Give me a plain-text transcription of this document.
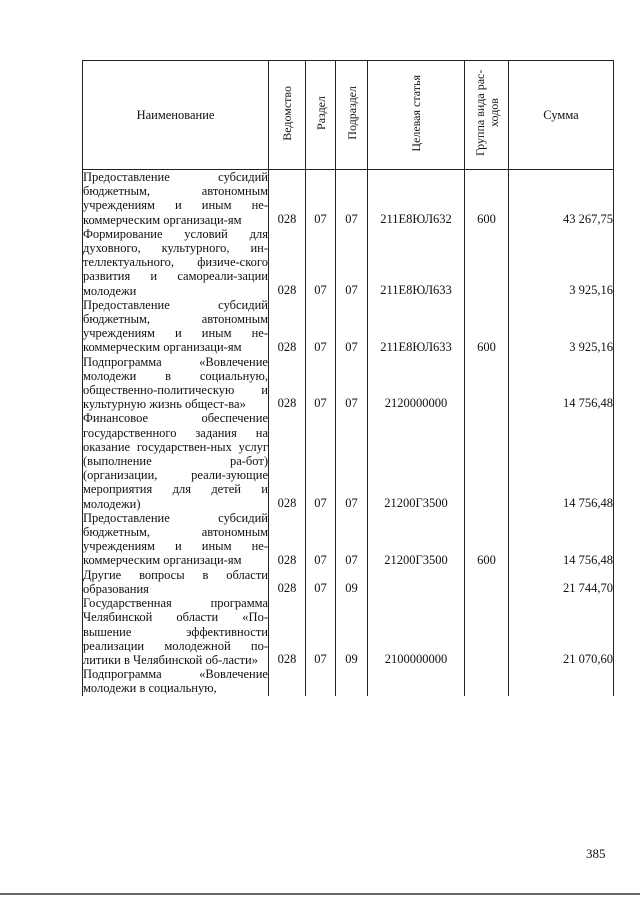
Наименование	Ведомство	Раздел	Подраздел	Целевая статья	Группа вида рас-ходов	Сумма
Предоставление субсидий бюджетным, автономным учреждениям и иным не-коммерческим организаци-ям	028	07	07	211Е8ЮЛ632	600	43 267,75
Формирование условий для духовного, культурного, ин-теллектуального, физиче-ского развития и самореали-зации молодежи	028	07	07	211Е8ЮЛ633		3 925,16
Предоставление субсидий бюджетным, автономным учреждениям и иным не-коммерческим организаци-ям	028	07	07	211Е8ЮЛ633	600	3 925,16
Подпрограмма «Вовлечение молодежи в социальную, общественно-политическую и культурную жизнь общест-ва»	028	07	07	2120000000		14 756,48
Финансовое обеспечение государственного задания на оказание государствен-ных услуг (выполнение ра-бот) (организации, реали-зующие мероприятия для детей и молодежи)	028	07	07	21200Г3500		14 756,48
Предоставление субсидий бюджетным, автономным учреждениям и иным не-коммерческим организаци-ям	028	07	07	21200Г3500	600	14 756,48
Другие вопросы в области образования	028	07	09			21 744,70
Государственная программа Челябинской области «По-вышение эффективности реализации молодежной по-литики в Челябинской об-ласти»	028	07	09	2100000000		21 070,60
Подпрограмма «Вовлечение молодежи в социальную,						
385
